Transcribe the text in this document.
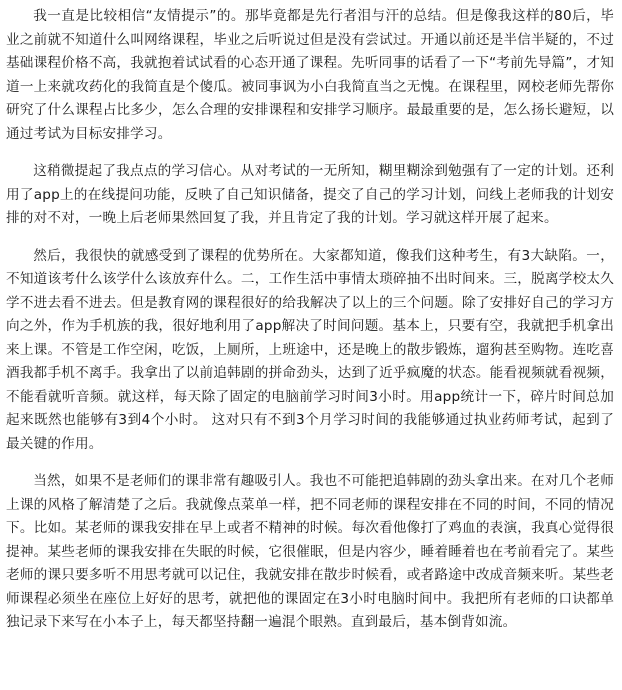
我一直是比较相信“友情提示”的。那毕竟都是先行者泪与汗的总结。但是像我这样的80后，毕业之前就不知道什么叫网络课程，毕业之后听说过但是没有尝试过。开通以前还是半信半疑的，不过基础课程价格不高，我就抱着试试看的心态开通了课程。先听同事的话看了一下“考前先导篇”，才知道一上来就攻药化的我简直是个傻瓜。被同事讽为小白我简直当之无愧。在课程里，网校老师先帮你研究了什么课程占比多少，怎么合理的安排课程和安排学习顺序。最最重要的是，怎么扬长避短，以通过考试为目标安排学习。

这稍微提起了我点点的学习信心。从对考试的一无所知，糊里糊涂到勉强有了一定的计划。还利用了app上的在线提问功能，反映了自己知识储备，提交了自己的学习计划，问线上老师我的计划安排的对不对，一晚上后老师果然回复了我，并且肯定了我的计划。学习就这样开展了起来。

然后，我很快的就感受到了课程的优势所在。大家都知道，像我们这种考生，有3大缺陷。一，不知道该考什么该学什么该放弃什么。二，工作生活中事情太琐碎抽不出时间来。三，脱离学校太久学不进去看不进去。但是教育网的课程很好的给我解决了以上的三个问题。除了安排好自己的学习方向之外，作为手机族的我，很好地利用了app解决了时间问题。基本上，只要有空，我就把手机拿出来上课。不管是工作空闲，吃饭，上厕所，上班途中，还是晚上的散步锻炼，遛狗甚至购物。连吃喜酒我都手机不离手。我拿出了以前追韩剧的拼命劲头，达到了近乎疯魔的状态。能看视频就看视频，不能看就听音频。就这样，每天除了固定的电脑前学习时间3小时。用app统计一下，碎片时间总加起来既然也能够有3到4个小时。 这对只有不到3个月学习时间的我能够通过执业药师考试，起到了最关键的作用。

当然，如果不是老师们的课非常有趣吸引人。我也不可能把追韩剧的劲头拿出来。在对几个老师上课的风格了解清楚了之后。我就像点菜单一样，把不同老师的课程安排在不同的时间，不同的情况下。比如。某老师的课我安排在早上或者不精神的时候。每次看他像打了鸡血的表演，我真心觉得很提神。某些老师的课我安排在失眠的时候，它很催眠，但是内容少，睡着睡着也在考前看完了。某些老师的课只要多听不用思考就可以记住，我就安排在散步时候看，或者路途中改成音频来听。某些老师课程必须坐在座位上好好的思考，就把他的课固定在3小时电脑时间中。我把所有老师的口诀都单独记录下来写在小本子上，每天都坚持翻一遍混个眼熟。直到最后，基本倒背如流。
